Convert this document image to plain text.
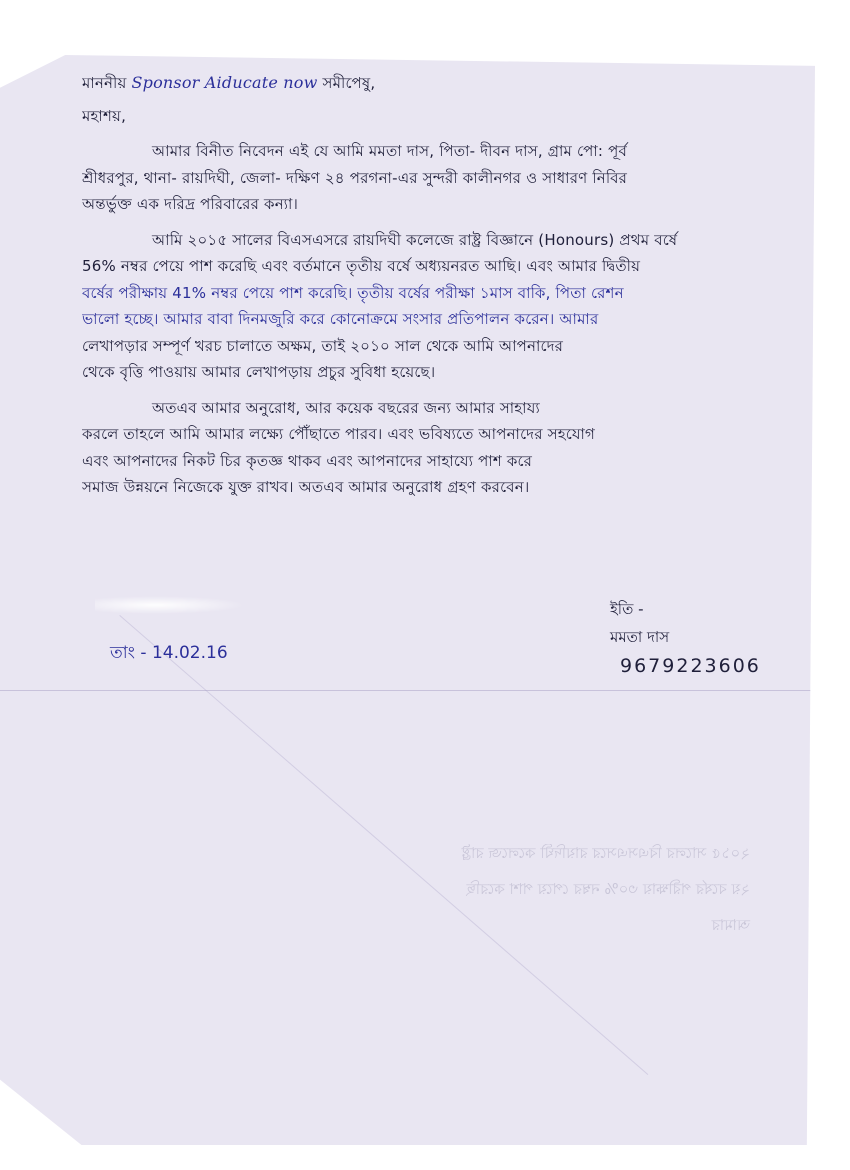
মাননীয় Sponsor Aiducate now সমীপেষু,
মহাশয়,
আমার বিনীত নিবেদন এই যে আমি মমতা দাস, পিতা- দীবন দাস, গ্রাম পো: পূর্ব
শ্রীধরপুর, থানা- রায়দিঘী, জেলা- দক্ষিণ ২৪ পরগনা-এর সুন্দরী কালীনগর ও সাধারণ নিবির
অন্তর্ভুক্ত এক দরিদ্র পরিবারের কন্যা।
আমি ২০১৫ সালের বিএসএসরে রায়দিঘী কলেজে রাষ্ট্র বিজ্ঞানে (Honours) প্রথম বর্ষে
56% নম্বর পেয়ে পাশ করেছি এবং বর্তমানে তৃতীয় বর্ষে অধ্যয়নরত আছি। এবং আমার দ্বিতীয়
বর্ষের পরীক্ষায় 41% নম্বর পেয়ে পাশ করেছি। তৃতীয় বর্ষের পরীক্ষা ১মাস বাকি, পিতা রেশন
ভালো হচ্ছে। আমার বাবা দিনমজুরি করে কোনোক্রমে সংসার প্রতিপালন করেন। আমার
লেখাপড়ার সম্পূর্ণ খরচ চালাতে অক্ষম, তাই ২০১০ সাল থেকে আমি আপনাদের
থেকে বৃত্তি পাওয়ায় আমার লেখাপড়ায় প্রচুর সুবিধা হয়েছে।
অতএব আমার অনুরোধ, আর কয়েক বছরের জন্য আমার সাহায্য
করলে তাহলে আমি আমার লক্ষ্যে পৌঁছাতে পারব। এবং ভবিষ্যতে আপনাদের সহযোগ
এবং আপনাদের নিকট চির কৃতজ্ঞ থাকব এবং আপনাদের সাহায্যে পাশ করে
সমাজ উন্নয়নে নিজেকে যুক্ত রাখব। অতএব আমার অনুরোধ গ্রহণ করবেন।
ইতি -
মমতা দাস
তাং - 14.02.16
9679223606
২০১৫ সালের বিএসএসরে রায়দিঘী কলেজে রাষ্ট্র
২য় বর্ষের পরীক্ষায় ৩০% নম্বর পেয়ে পাশ করেছি
আমার
